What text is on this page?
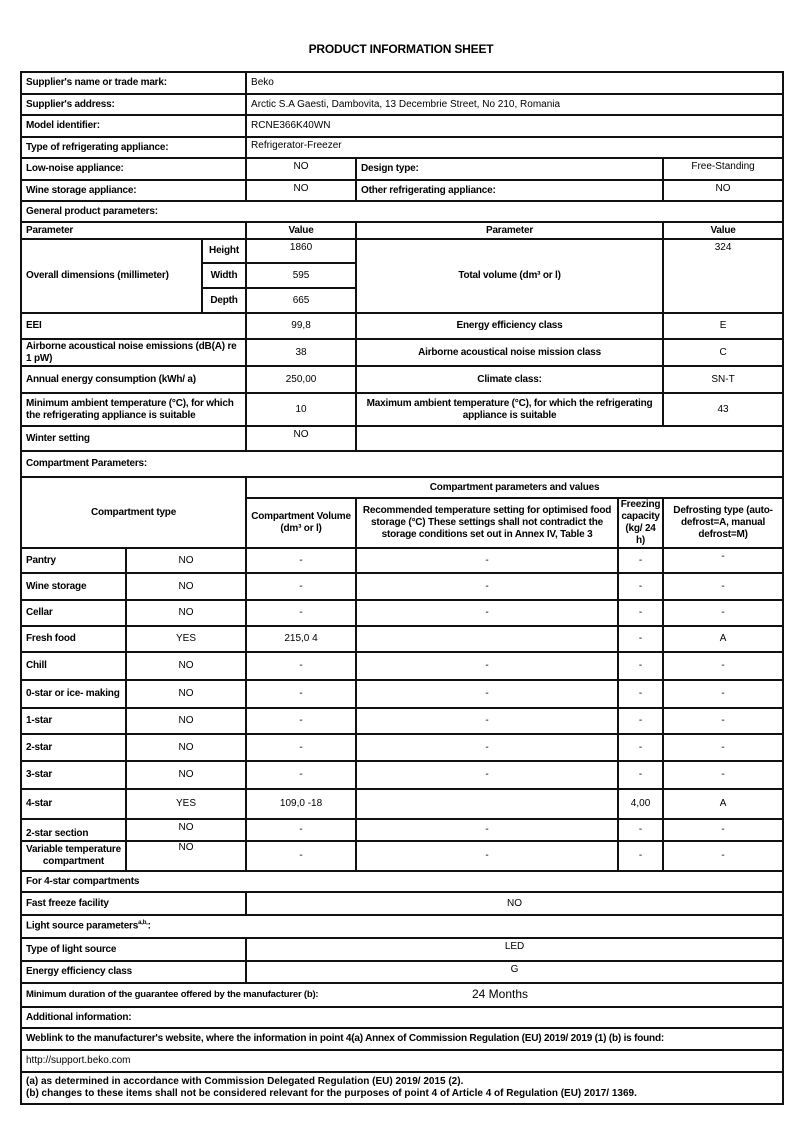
PRODUCT INFORMATION SHEET
Supplier's name or trade mark:			Beko			
Supplier's address:			Arctic S.A Gaesti, Dambovita, 13 Decembrie Street, No 210, Romania			
Model identifier:			RCNE366K40WN			
Type of refrigerating appliance:			Refrigerator-Freezer			
Low-noise appliance:			NO	Design type:		Free-Standing
Wine storage appliance:			NO	Other refrigerating appliance:		NO
General product parameters:						
Parameter			Value	Parameter		Value
Overall dimensions (millimeter)		Height	1860	Total volume (dm³ or l)		324
		Width	595			
		Depth	665			
EEI			99,8	Energy efficiency class		E
Airborne acoustical noise emissions (dB(A) re 1 pW)			38	Airborne acoustical noise mission class		C
Annual energy consumption (kWh/ a)			250,00	Climate class:		SN-T
Minimum ambient temperature (°C), for which the refrigerating appliance is suitable			10	Maximum ambient temperature (°C), for which the refrigerating appliance is suitable		43
Winter setting			NO			
Compartment Parameters:						
Compartment type			Compartment parameters and values			
			Compartment Volume (dm³ or l)	Recommended temperature setting for optimised food storage (°C) These settings shall not contradict the storage conditions set out in Annex IV, Table 3	Freezing capacity (kg/ 24 h)	Defrosting type (auto-defrost=A, manual defrost=M)
Pantry	NO		-	-	-	-
Wine storage	NO		-	-	-	-
Cellar	NO		-	-	-	-
Fresh food	YES		215,0 4		-	A
Chill	NO		-	-	-	-
0-star or ice- making	NO		-	-	-	-
1-star	NO		-	-	-	-
2-star	NO		-	-	-	-
3-star	NO		-	-	-	-
4-star	YES		109,0 -18		4,00	A
2-star section	NO		-	-	-	-
Variable temperature compartment	NO		-	-	-	-
For 4-star compartments						
Fast freeze facility			NO			
Light source parameters$^{a,b,}$:						
Type of light source			LED			
Energy efficiency class			G			
Minimum duration of the guarantee offered by the manufacturer (b): 24 Months						

Additional information:						
Weblink to the manufacturer's website, where the information in point 4(a) Annex of Commission Regulation (EU) 2019/ 2019 (1) (b) is found:						
http://support.beko.com						

(a) as determined in accordance with Commission Delegated Regulation (EU) 2019/ 2015 (2).
(b) changes to these items shall not be considered relevant for the purposes of point 4 of Article 4 of Regulation (EU) 2017/ 1369.						
